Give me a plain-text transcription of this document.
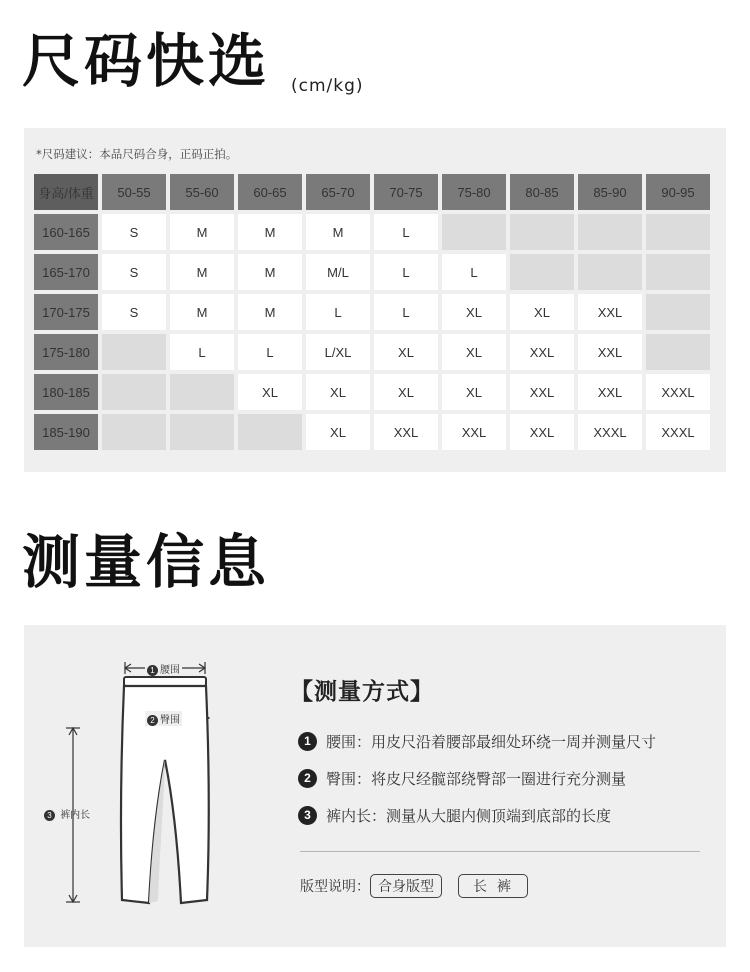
尺码快选 (cm/kg)
*尺码建议：本品尺码合身，正码正拍。
身高/体重	50-55	55-60	60-65	65-70	70-75	75-80	80-85	85-90	90-95
160-165	S	M	M	M	L				
165-170	S	M	M	M/L	L	L			
170-175	S	M	M	L	L	XL	XL	XXL	
175-180		L	L	L/XL	XL	XL	XXL	XXL	
180-185			XL	XL	XL	XL	XXL	XXL	XXXL
185-190				XL	XXL	XXL	XXL	XXXL	XXXL
测量信息
1 腰围
2 臀围
3 裤内长
【测量方式】
1	腰围：用皮尺沿着腰部最细处环绕一周并测量尺寸
2	臀围：将皮尺经髋部绕臀部一圈进行充分测量
3	裤内长：测量从大腿内侧顶端到底部的长度
版型说明： 合身版型	长裤
